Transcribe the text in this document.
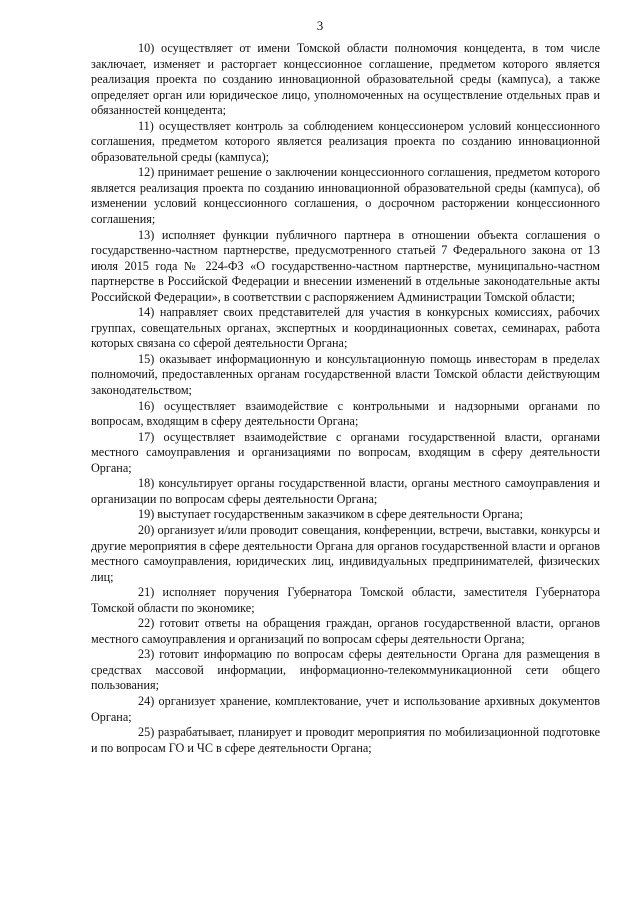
3

10) осуществляет от имени Томской области полномочия концедента, в том числе заключает, изменяет и расторгает концессионное соглашение, предметом которого является реализация проекта по созданию инновационной образовательной среды (кампуса), а также определяет орган или юридическое лицо, уполномоченных на осуществление отдельных прав и обязанностей концедента;

11) осуществляет контроль за соблюдением концессионером условий концессионного соглашения, предметом которого является реализация проекта по созданию инновационной образовательной среды (кампуса);

12) принимает решение о заключении концессионного соглашения, предметом которого является реализация проекта по созданию инновационной образовательной среды (кампуса), об изменении условий концессионного соглашения, о досрочном расторжении концессионного соглашения;

13) исполняет функции публичного партнера в отношении объекта соглашения о государственно-частном партнерстве, предусмотренного статьей 7 Федерального закона от 13 июля 2015 года № 224-ФЗ «О государственно-частном партнерстве, муниципально-частном партнерстве в Российской Федерации и внесении изменений в отдельные законодательные акты Российской Федерации», в соответствии с распоряжением Администрации Томской области;

14) направляет своих представителей для участия в конкурсных комиссиях, рабочих группах, совещательных органах, экспертных и координационных советах, семинарах, работа которых связана со сферой деятельности Органа;

15) оказывает информационную и консультационную помощь инвесторам в пределах полномочий, предоставленных органам государственной власти Томской области действующим законодательством;

16) осуществляет взаимодействие с контрольными и надзорными органами по вопросам, входящим в сферу деятельности Органа;

17) осуществляет взаимодействие с органами государственной власти, органами местного самоуправления и организациями по вопросам, входящим в сферу деятельности Органа;

18) консультирует органы государственной власти, органы местного самоуправления и организации по вопросам сферы деятельности Органа;

19) выступает государственным заказчиком в сфере деятельности Органа;

20) организует и/или проводит совещания, конференции, встречи, выставки, конкурсы и другие мероприятия в сфере деятельности Органа для органов государственной власти и органов местного самоуправления, юридических лиц, индивидуальных предпринимателей, физических лиц;

21) исполняет поручения Губернатора Томской области, заместителя Губернатора Томской области по экономике;

22) готовит ответы на обращения граждан, органов государственной власти, органов местного самоуправления и организаций по вопросам сферы деятельности Органа;

23) готовит информацию по вопросам сферы деятельности Органа для размещения в средствах массовой информации, информационно-телекоммуникационной сети общего пользования;

24) организует хранение, комплектование, учет и использование архивных документов Органа;

25) разрабатывает, планирует и проводит мероприятия по мобилизационной подготовке и по вопросам ГО и ЧС в сфере деятельности Органа;
